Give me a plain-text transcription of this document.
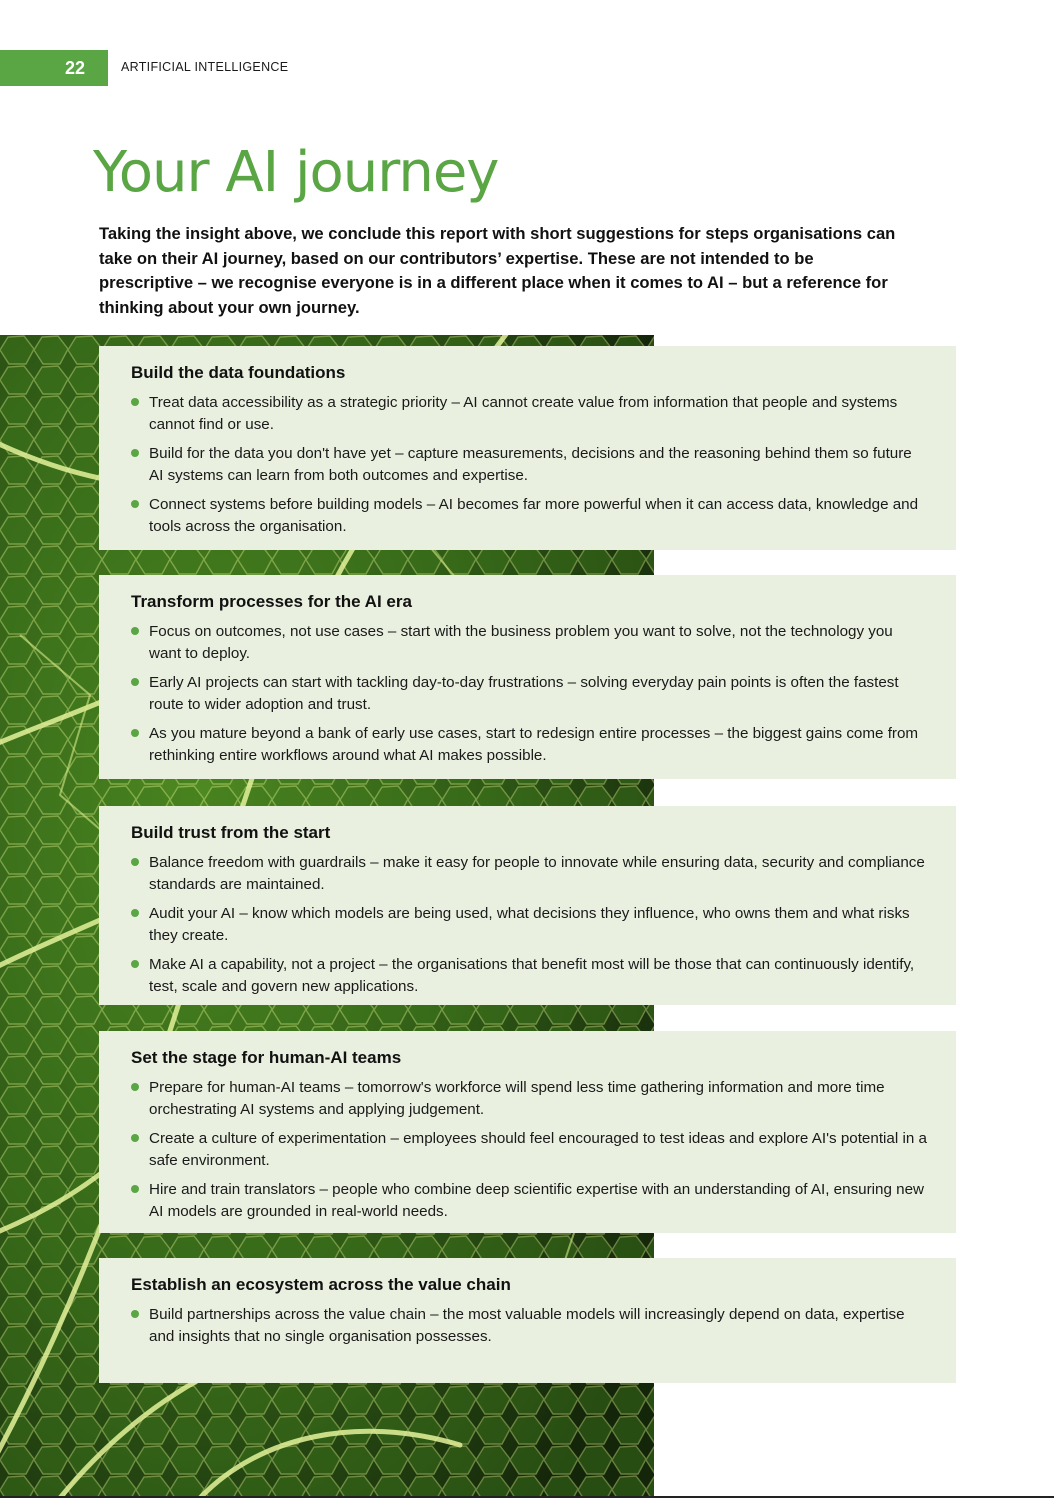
22	ARTIFICIAL INTELLIGENCE
Your AI journey

Taking the insight above, we conclude this report with short suggestions for steps organisations can take on their AI journey, based on our contributors’ expertise. These are not intended to be prescriptive – we recognise everyone is in a different place when it comes to AI – but a reference for thinking about your own journey.

Build the data foundations
Treat data accessibility as a strategic priority – AI cannot create value from information that people and systems cannot find or use.
Build for the data you don't have yet – capture measurements, decisions and the reasoning behind them so future AI systems can learn from both outcomes and expertise.
Connect systems before building models – AI becomes far more powerful when it can access data, knowledge and tools across the organisation.
Transform processes for the AI era
Focus on outcomes, not use cases – start with the business problem you want to solve, not the technology you want to deploy.
Early AI projects can start with tackling day-to-day frustrations – solving everyday pain points is often the fastest route to wider adoption and trust.
As you mature beyond a bank of early use cases, start to redesign entire processes – the biggest gains come from rethinking entire workflows around what AI makes possible.
Build trust from the start
Balance freedom with guardrails – make it easy for people to innovate while ensuring data, security and compliance standards are maintained.
Audit your AI – know which models are being used, what decisions they influence, who owns them and what risks they create.
Make AI a capability, not a project – the organisations that benefit most will be those that can continuously identify, test, scale and govern new applications.
Set the stage for human-AI teams
Prepare for human-AI teams – tomorrow's workforce will spend less time gathering information and more time orchestrating AI systems and applying judgement.
Create a culture of experimentation – employees should feel encouraged to test ideas and explore AI's potential in a safe environment.
Hire and train translators – people who combine deep scientific expertise with an understanding of AI, ensuring new AI models are grounded in real-world needs.
Establish an ecosystem across the value chain
Build partnerships across the value chain – the most valuable models will increasingly depend on data, expertise and insights that no single organisation possesses.
